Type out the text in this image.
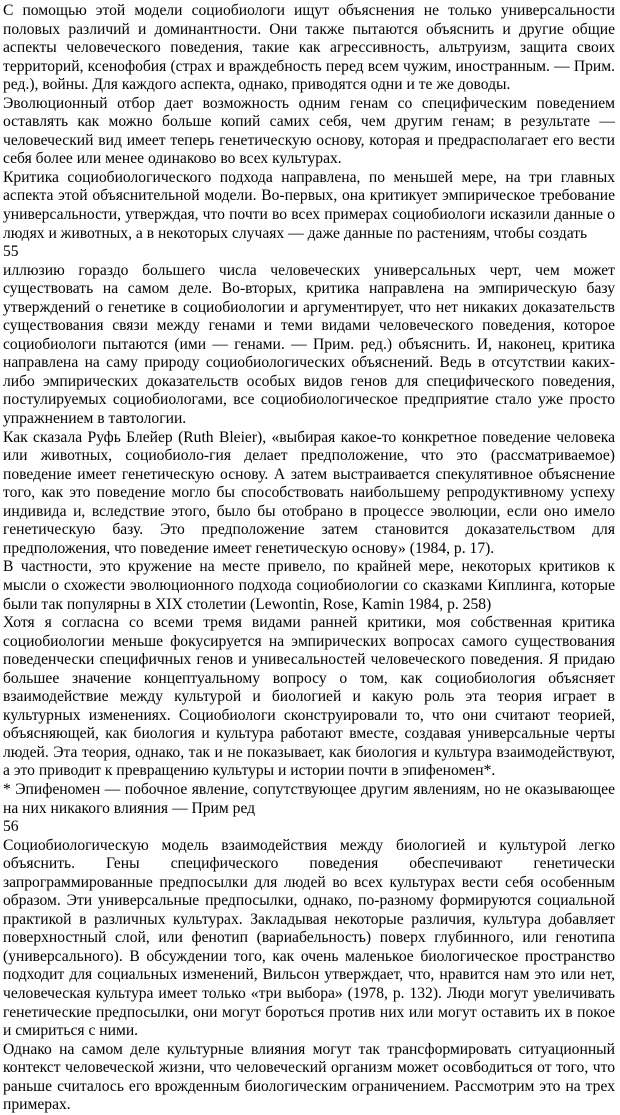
С помощью этой модели социобиологи ищут объяснения не только универсальности половых различий и доминантности. Они также пытаются объяснить и другие общие аспекты человеческого поведения, такие как агрессивность, альтруизм, защита своих территорий, ксенофобия (страх и враждебность перед всем чужим, иностранным. — Прим. ред.), войны. Для каждого аспекта, однако, приводятся одни и те же доводы.

Эволюционный отбор дает возможность одним генам со специфическим поведением оставлять как можно больше копий самих себя, чем другим генам; в результате — человеческий вид имеет теперь генетическую основу, которая и предрасполагает его вести себя более или менее одинаково во всех культурах.

Критика социобиологического подхода направлена, по меньшей мере, на три главных аспекта этой объяснительной модели. Во-первых, она критикует эмпирическое требование универсальности, утверждая, что почти во всех примерах социобиологи исказили данные о людях и животных, а в некоторых случаях — даже данные по растениям, чтобы создать

55

иллюзию гораздо большего числа человеческих универсальных черт, чем может существовать на самом деле. Во-вторых, критика направлена на эмпирическую базу утверждений о генетике в социобиологии и аргументирует, что нет никаких доказательств существования связи между генами и теми видами человеческого поведения, которое социобиологи пытаются (ими — генами. — Прим. ред.) объяснить. И, наконец, критика направлена на саму природу социобиологических объяснений. Ведь в отсутствии каких-либо эмпирических доказательств особых видов генов для специфического поведения, постулируемых социобиологами, все социобиологическое предприятие стало уже просто упражнением в тавтологии.

Как сказала Руфь Блейер (Ruth Bleier), «выбирая какое-то конкретное поведение человека или животных, социобиоло-гия делает предположение, что это (рассматриваемое) поведение имеет генетическую основу. А затем выстраивается спекулятивное объяснение того, как это поведение могло бы способствовать наибольшему репродуктивному успеху индивида и, вследствие этого, было бы отобрано в процессе эволюции, если оно имело генетическую базу. Это предположение затем становится доказательством для предположения, что поведение имеет генетическую основу» (1984, p. 17).

В частности, это кружение на месте привело, по крайней мере, некоторых критиков к мысли о схожести эволюционного подхода социобиологии со сказками Киплинга, которые были так популярны в XIX столетии (Lewontin, Rose, Kamin 1984, p. 258)

Хотя я согласна со всеми тремя видами ранней критики, моя собственная критика социобиологии меньше фокусируется на эмпирических вопросах самого существования поведенчески специфичных генов и унивесальностей человеческого поведения. Я придаю большее значение концептуальному вопросу о том, как социобиология объясняет взаимодействие между культурой и биологией и какую роль эта теория играет в культурных изменениях. Социобиологи сконструировали то, что они считают теорией, объясняющей, как биология и культура работают вместе, создавая универсальные черты людей. Эта теория, однако, так и не показывает, как биология и культура взаимодействуют, а это приводит к превращению культуры и истории почти в эпифеномен*.

* Эпифеномен — побочное явление, сопутствующее другим явлениям, но не оказывающее на них никакого влияния — Прим ред

56

Социобиологическую модель взаимодействия между биологией и культурой легко объяснить. Гены специфического поведения обеспечивают генетически запрограммированные предпосылки для людей во всех культурах вести себя особенным образом. Эти универсальные предпосылки, однако, по-разному формируются социальной практикой в различных культурах. Закладывая некоторые различия, культура добавляет поверхностный слой, или фенотип (вариабельность) поверх глубинного, или генотипа (универсального). В обсуждении того, как очень маленькое биологическое пространство подходит для социальных изменений, Вильсон утверждает, что, нравится нам это или нет, человеческая культура имеет только «три выбора» (1978, p. 132). Люди могут увеличивать генетические предпосылки, они могут бороться против них или могут оставить их в покое и смириться с ними.

Однако на самом деле культурные влияния могут так трансформировать ситуационный контекст человеческой жизни, что человеческий организм может осовбодиться от того, что раньше считалось его врожденным биологическим ограничением. Рассмотрим это на трех примерах.
